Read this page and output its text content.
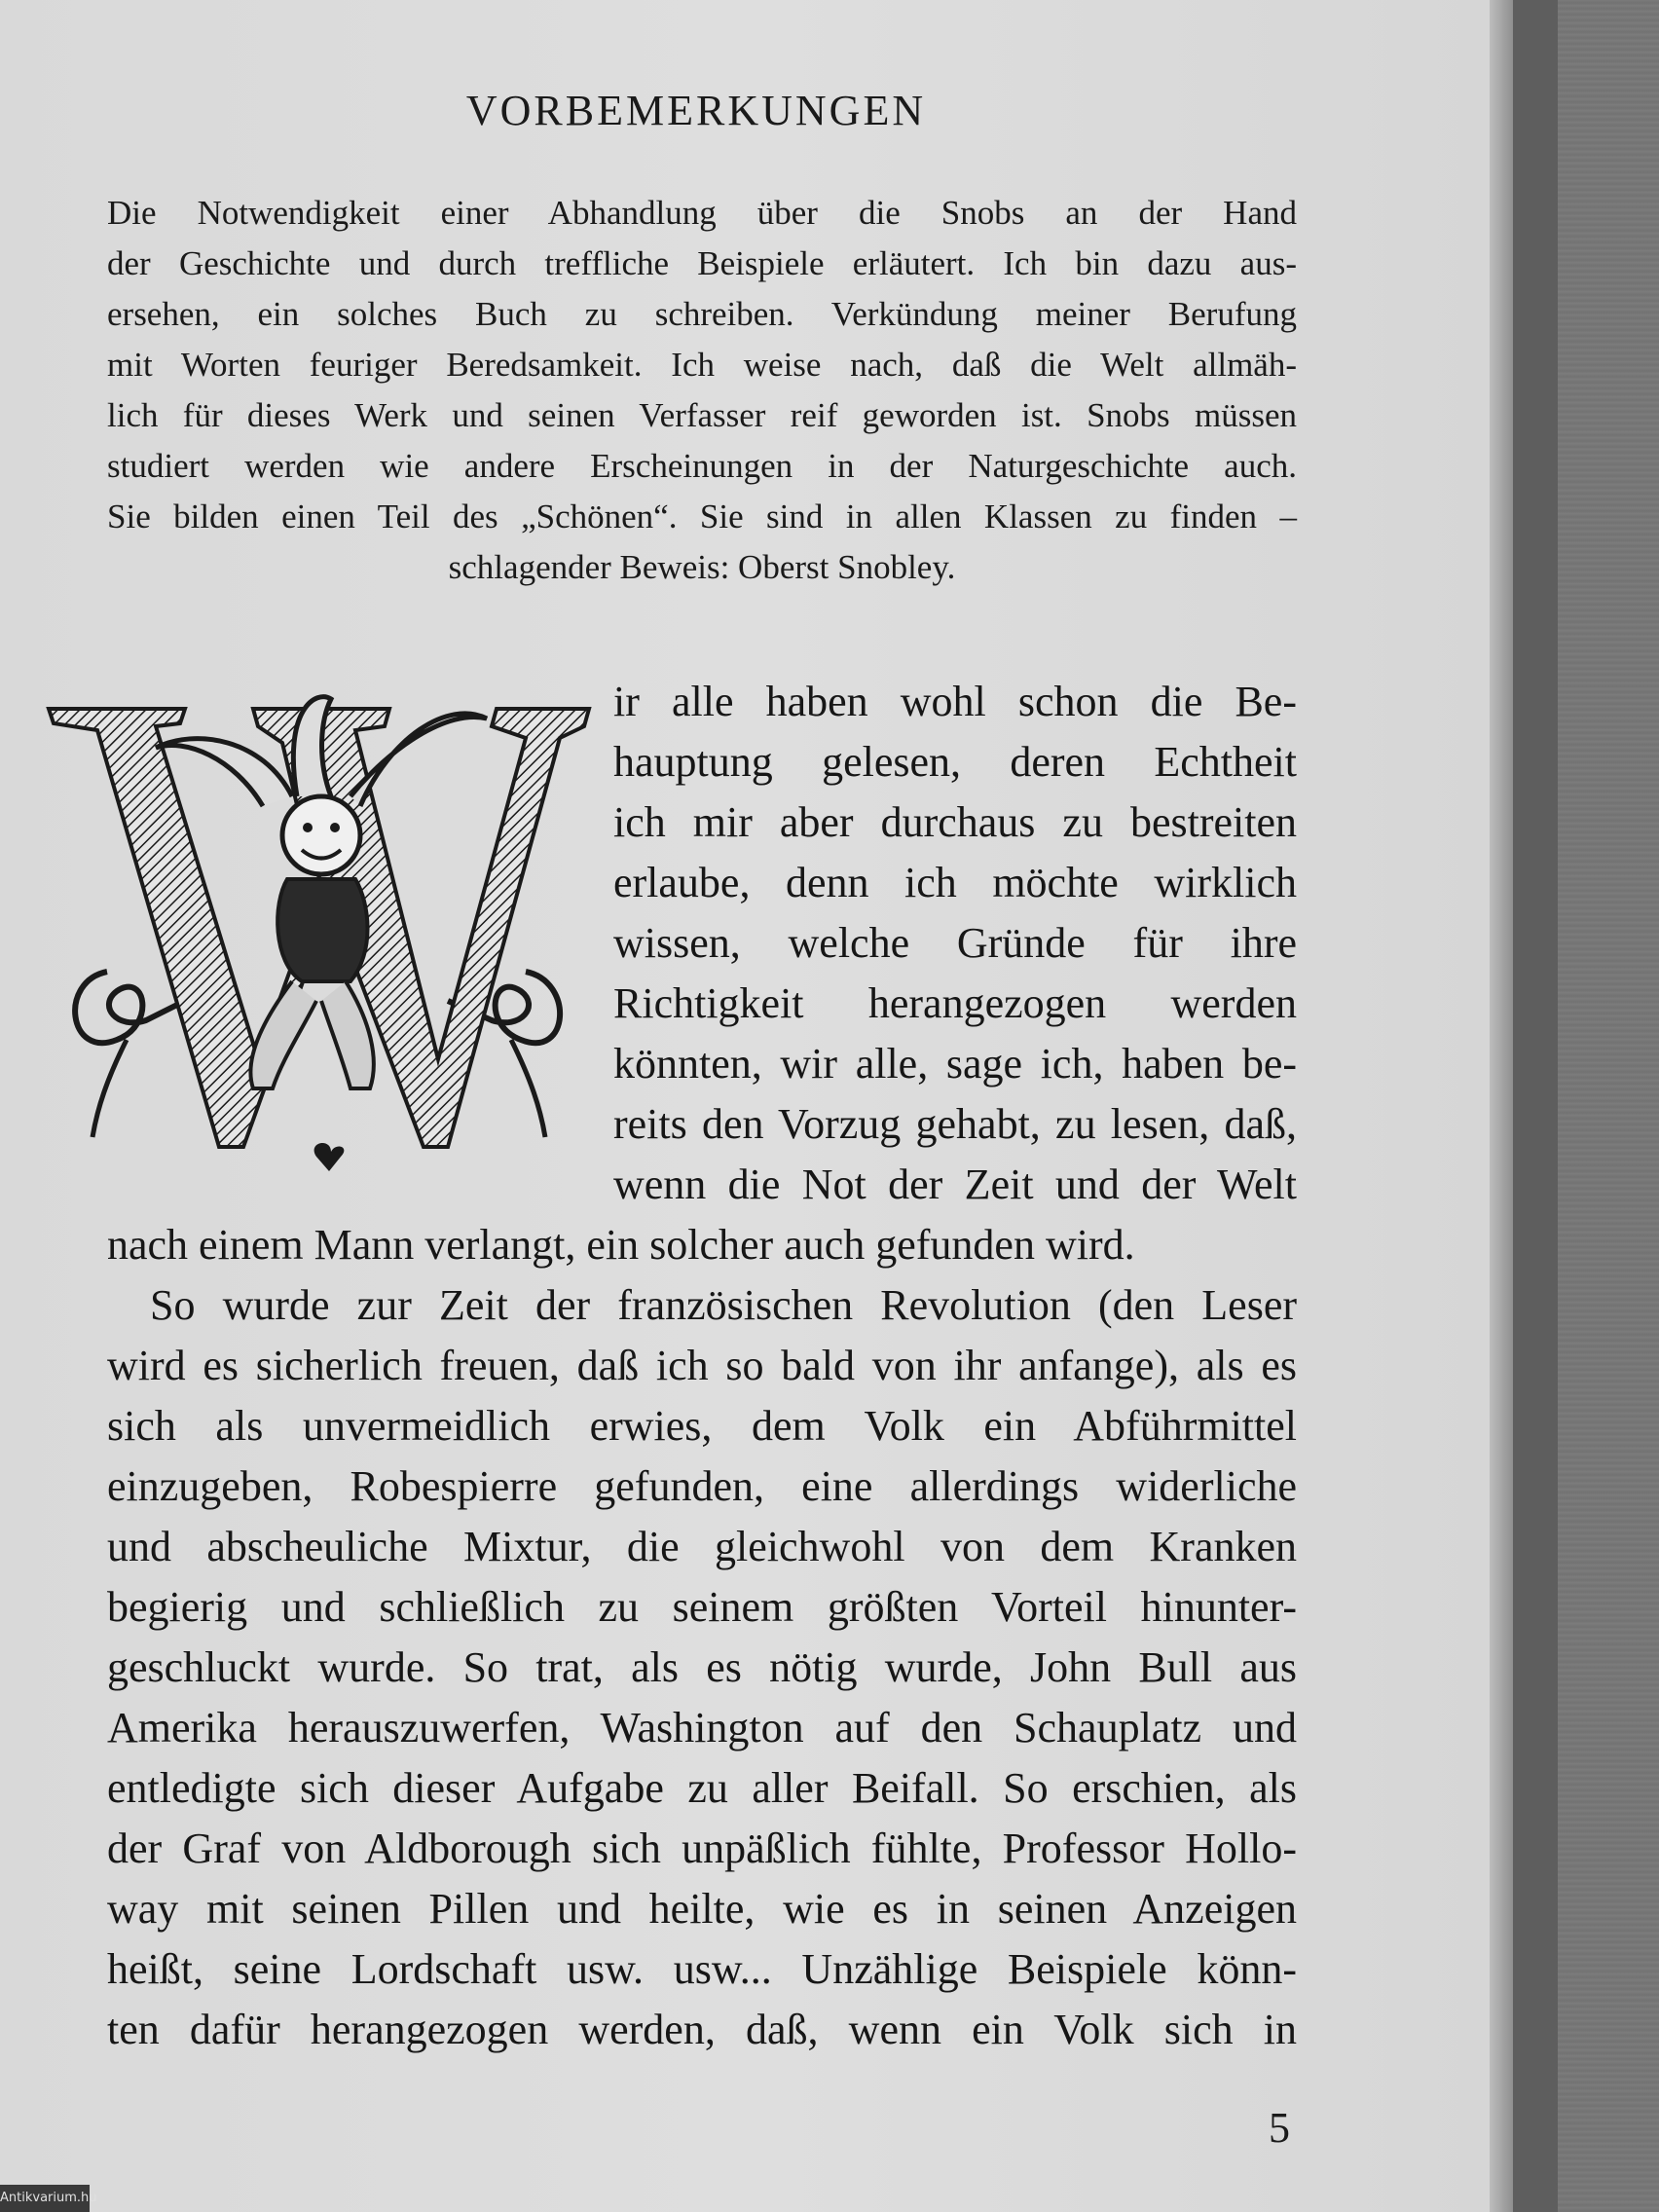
VORBEMERKUNGEN
Die Notwendigkeit einer Abhandlung über die Snobs an der Hand
der Geschichte und durch treffliche Beispiele erläutert. Ich bin dazu aus-
ersehen, ein solches Buch zu schreiben. Verkündung meiner Berufung
mit Worten feuriger Beredsamkeit. Ich weise nach, daß die Welt allmäh-
lich für dieses Werk und seinen Verfasser reif geworden ist. Snobs müssen
studiert werden wie andere Erscheinungen in der Naturgeschichte auch.
Sie bilden einen Teil des „Schönen“. Sie sind in allen Klassen zu finden –
schlagender Beweis: Oberst Snobley.
ir alle haben wohl schon die Be-
hauptung gelesen, deren Echtheit
ich mir aber durchaus zu bestreiten
erlaube, denn ich möchte wirklich
wissen, welche Gründe für ihre
Richtigkeit herangezogen werden
könnten, wir alle, sage ich, haben be-
reits den Vorzug gehabt, zu lesen, daß,
wenn die Not der Zeit und der Welt
nach einem Mann verlangt, ein solcher auch gefunden wird.
So wurde zur Zeit der französischen Revolution (den Leser
wird es sicherlich freuen, daß ich so bald von ihr anfange), als es
sich als unvermeidlich erwies, dem Volk ein Abführmittel
einzugeben, Robespierre gefunden, eine allerdings widerliche
und abscheuliche Mixtur, die gleichwohl von dem Kranken
begierig und schließlich zu seinem größten Vorteil hinunter-
geschluckt wurde. So trat, als es nötig wurde, John Bull aus
Amerika herauszuwerfen, Washington auf den Schauplatz und
entledigte sich dieser Aufgabe zu aller Beifall. So erschien, als
der Graf von Aldborough sich unpäßlich fühlte, Professor Hollo-
way mit seinen Pillen und heilte, wie es in seinen Anzeigen
heißt, seine Lordschaft usw. usw... Unzählige Beispiele könn-
ten dafür herangezogen werden, daß, wenn ein Volk sich in
5
Antikvarium.hu
